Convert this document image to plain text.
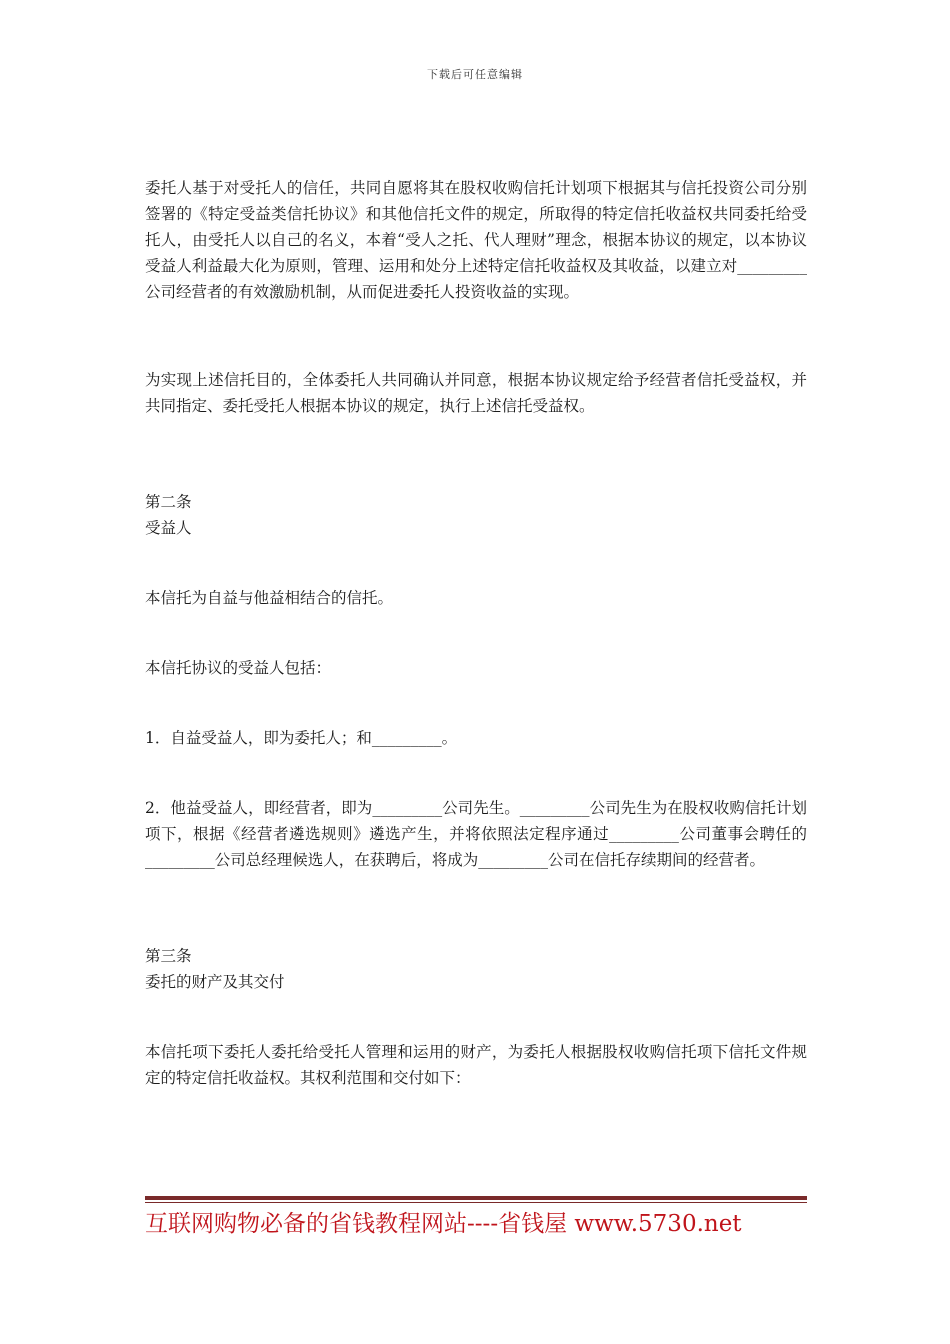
下载后可任意编辑

委托人基于对受托人的信任，共同自愿将其在股权收购信托计划项下根据其与信托投资公司分别签署的《特定受益类信托协议》和其他信托文件的规定，所取得的特定信托收益权共同委托给受托人，由受托人以自己的名义，本着“受人之托、代人理财”理念，根据本协议的规定，以本协议受益人利益最大化为原则，管理、运用和处分上述特定信托收益权及其收益，以建立对_________公司经营者的有效激励机制，从而促进委托人投资收益的实现。

为实现上述信托目的，全体委托人共同确认并同意，根据本协议规定给予经营者信托受益权，并共同指定、委托受托人根据本协议的规定，执行上述信托受益权。

第二条

受益人

本信托为自益与他益相结合的信托。

本信托协议的受益人包括：

1．自益受益人，即为委托人；和_________。

2．他益受益人，即经营者，即为_________公司先生。_________公司先生为在股权收购信托计划项下，根据《经营者遴选规则》遴选产生，并将依照法定程序通过_________公司董事会聘任的_________公司总经理候选人，在获聘后，将成为_________公司在信托存续期间的经营者。

第三条

委托的财产及其交付

本信托项下委托人委托给受托人管理和运用的财产，为委托人根据股权收购信托项下信托文件规定的特定信托收益权。其权利范围和交付如下：

互联网购物必备的省钱教程网站----省钱屋 www.5730.net
